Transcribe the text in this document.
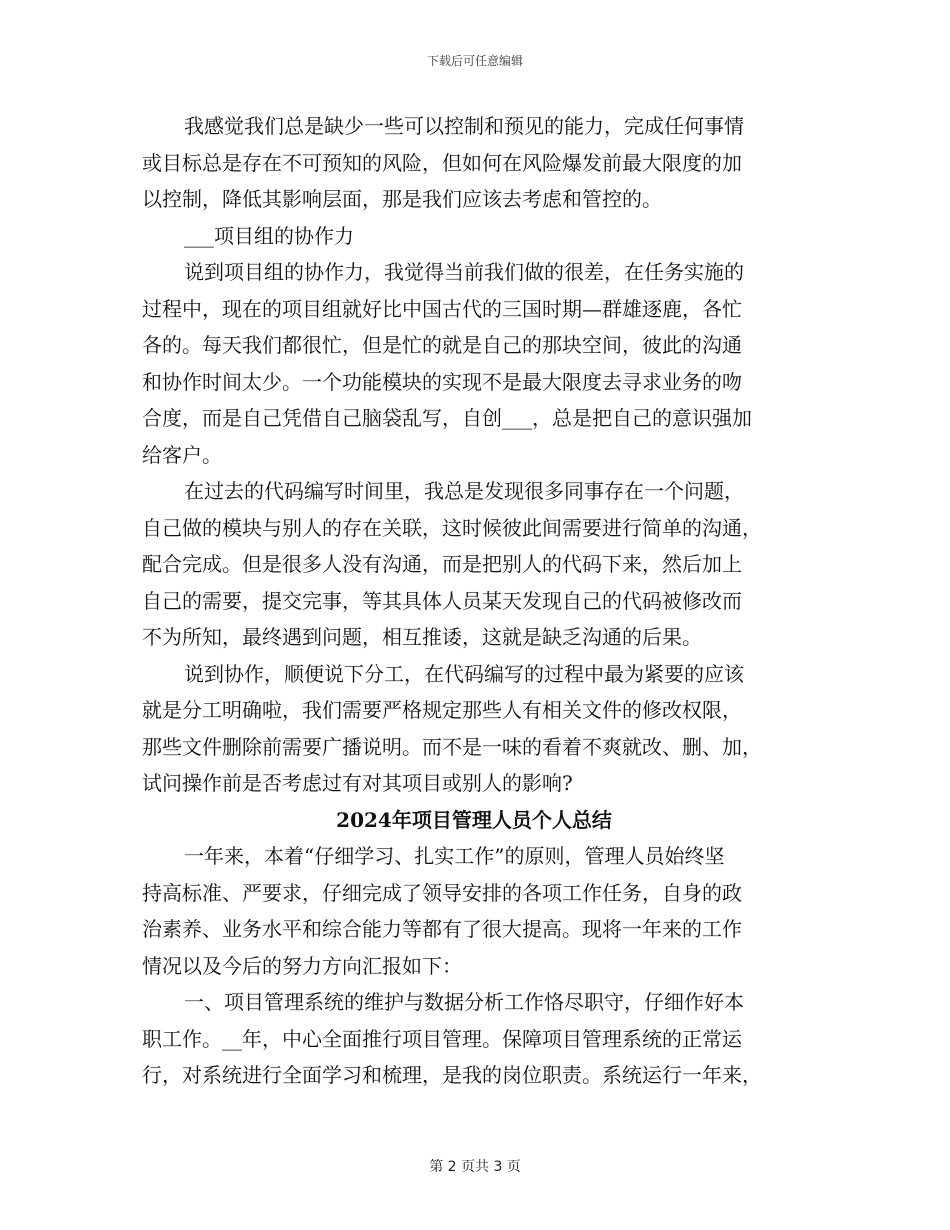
下载后可任意编辑
我感觉我们总是缺少一些可以控制和预见的能力，完成任何事情
或目标总是存在不可预知的风险，但如何在风险爆发前最大限度的加
以控制，降低其影响层面，那是我们应该去考虑和管控的。
___项目组的协作力
说到项目组的协作力，我觉得当前我们做的很差，在任务实施的
过程中，现在的项目组就好比中国古代的三国时期—群雄逐鹿，各忙
各的。每天我们都很忙，但是忙的就是自己的那块空间，彼此的沟通
和协作时间太少。一个功能模块的实现不是最大限度去寻求业务的吻
合度，而是自己凭借自己脑袋乱写，自创___，总是把自己的意识强加
给客户。
在过去的代码编写时间里，我总是发现很多同事存在一个问题，
自己做的模块与别人的存在关联，这时候彼此间需要进行简单的沟通，
配合完成。但是很多人没有沟通，而是把别人的代码下来，然后加上
自己的需要，提交完事，等其具体人员某天发现自己的代码被修改而
不为所知，最终遇到问题，相互推诿，这就是缺乏沟通的后果。
说到协作，顺便说下分工，在代码编写的过程中最为紧要的应该
就是分工明确啦，我们需要严格规定那些人有相关文件的修改权限，
那些文件删除前需要广播说明。而不是一味的看着不爽就改、删、加，
试问操作前是否考虑过有对其项目或别人的影响?
2024年项目管理人员个人总结
一年来，本着“仔细学习、扎实工作”的原则，管理人员始终坚
持高标准、严要求，仔细完成了领导安排的各项工作任务，自身的政
治素养、业务水平和综合能力等都有了很大提高。现将一年来的工作
情况以及今后的努力方向汇报如下：
一、项目管理系统的维护与数据分析工作恪尽职守，仔细作好本
职工作。__年，中心全面推行项目管理。保障项目管理系统的正常运
行，对系统进行全面学习和梳理，是我的岗位职责。系统运行一年来，
第 2 页共 3 页
